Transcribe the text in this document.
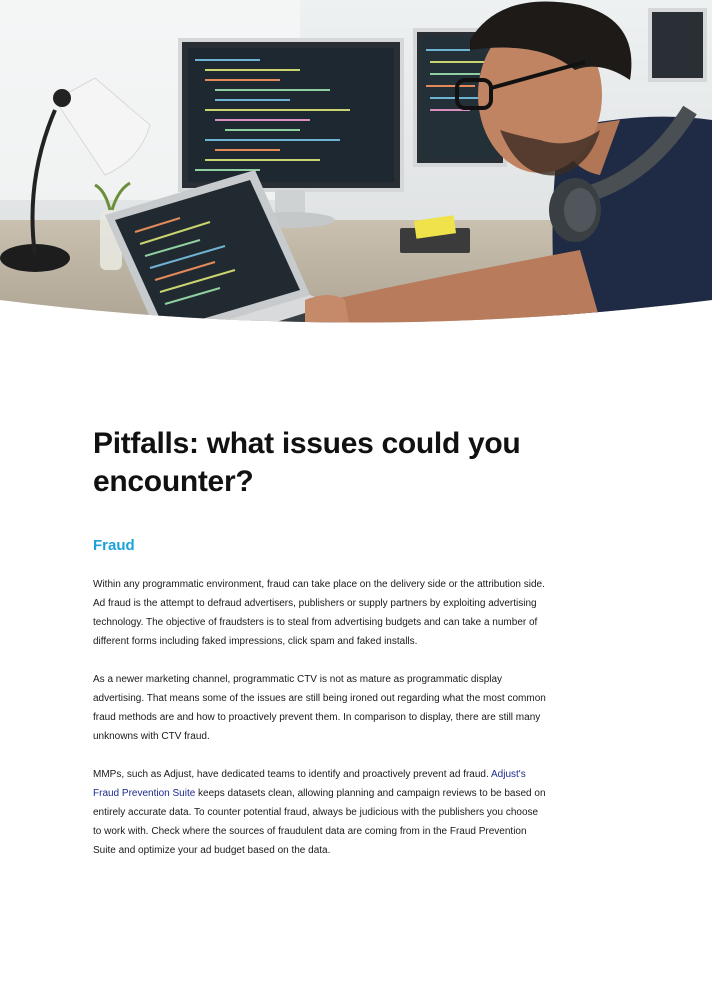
Pitfalls: what issues could you encounter?
Fraud

Within any programmatic environment, fraud can take place on the delivery side or the attribution side. Ad fraud is the attempt to defraud advertisers, publishers or supply partners by exploiting advertising technology. The objective of fraudsters is to steal from advertising budgets and can take a number of different forms including faked impressions, click spam and faked installs.

As a newer marketing channel, programmatic CTV is not as mature as programmatic display advertising. That means some of the issues are still being ironed out regarding what the most common fraud methods are and how to proactively prevent them. In comparison to display, there are still many unknowns with CTV fraud.

MMPs, such as Adjust, have dedicated teams to identify and proactively prevent ad fraud. Adjust's Fraud Prevention Suite keeps datasets clean, allowing planning and campaign reviews to be based on entirely accurate data. To counter potential fraud, always be judicious with the publishers you choose to work with. Check where the sources of fraudulent data are coming from in the Fraud Prevention Suite and optimize your ad budget based on the data.
